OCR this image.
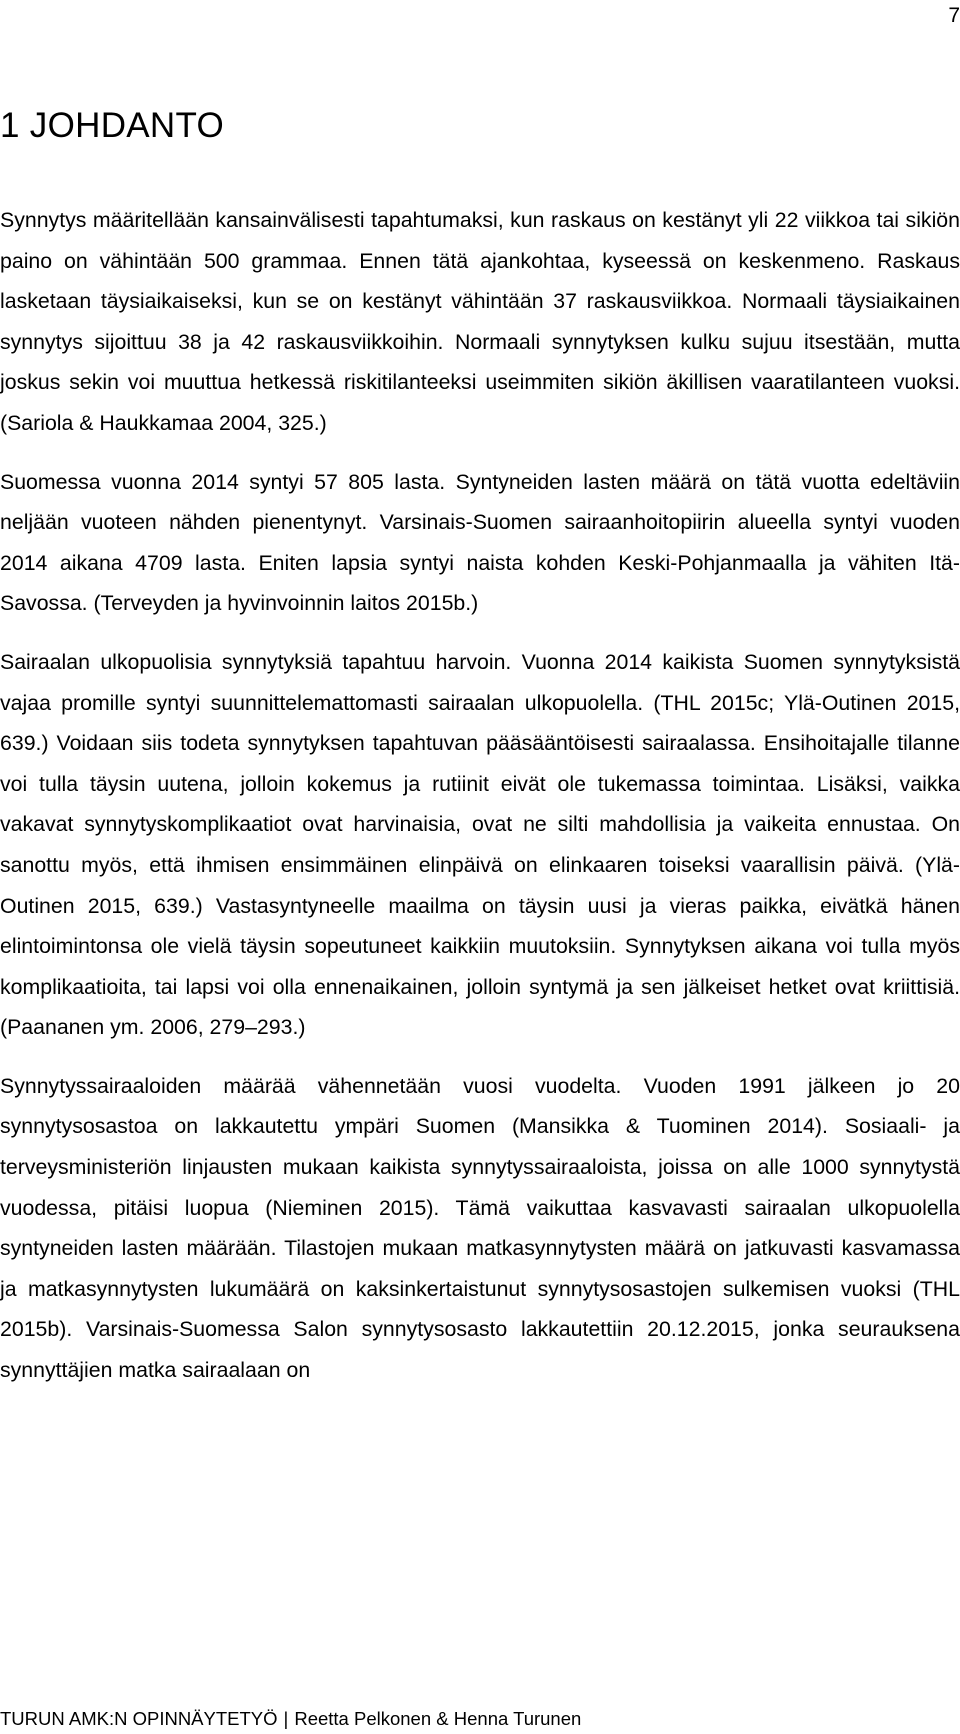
7
1 JOHDANTO

Synnytys määritellään kansainvälisesti tapahtumaksi, kun raskaus on kestänyt yli 22 viikkoa tai sikiön paino on vähintään 500 grammaa. Ennen tätä ajankohtaa, kyseessä on keskenmeno. Raskaus lasketaan täysiaikaiseksi, kun se on kestänyt vähintään 37 raskausviikkoa. Normaali täysiaikainen synnytys sijoittuu 38 ja 42 raskausviikkoihin. Normaali synnytyksen kulku sujuu itsestään, mutta joskus sekin voi muuttua hetkessä riskitilanteeksi useimmiten sikiön äkillisen vaaratilanteen vuoksi. (Sariola & Haukkamaa 2004, 325.)

Suomessa vuonna 2014 syntyi 57 805 lasta. Syntyneiden lasten määrä on tätä vuotta edeltäviin neljään vuoteen nähden pienentynyt. Varsinais-Suomen sairaanhoitopiirin alueella syntyi vuoden 2014 aikana 4709 lasta. Eniten lapsia syntyi naista kohden Keski-Pohjanmaalla ja vähiten Itä-Savossa. (Terveyden ja hyvinvoinnin laitos 2015b.)

Sairaalan ulkopuolisia synnytyksiä tapahtuu harvoin. Vuonna 2014 kaikista Suomen synnytyksistä vajaa promille syntyi suunnittelemattomasti sairaalan ulkopuolella. (THL 2015c; Ylä-Outinen 2015, 639.) Voidaan siis todeta synnytyksen tapahtuvan pääsääntöisesti sairaalassa. Ensihoitajalle tilanne voi tulla täysin uutena, jolloin kokemus ja rutiinit eivät ole tukemassa toimintaa. Lisäksi, vaikka vakavat synnytyskomplikaatiot ovat harvinaisia, ovat ne silti mahdollisia ja vaikeita ennustaa. On sanottu myös, että ihmisen ensimmäinen elinpäivä on elinkaaren toiseksi vaarallisin päivä. (Ylä-Outinen 2015, 639.) Vastasyntyneelle maailma on täysin uusi ja vieras paikka, eivätkä hänen elintoimintonsa ole vielä täysin sopeutuneet kaikkiin muutoksiin. Synnytyksen aikana voi tulla myös komplikaatioita, tai lapsi voi olla ennenaikainen, jolloin syntymä ja sen jälkeiset hetket ovat kriittisiä. (Paananen ym. 2006, 279–293.)

Synnytyssairaaloiden määrää vähennetään vuosi vuodelta. Vuoden 1991 jälkeen jo 20 synnytysosastoa on lakkautettu ympäri Suomen (Mansikka & Tuominen 2014). Sosiaali- ja terveysministeriön linjausten mukaan kaikista synnytyssairaaloista, joissa on alle 1000 synnytystä vuodessa, pitäisi luopua (Nieminen 2015). Tämä vaikuttaa kasvavasti sairaalan ulkopuolella syntyneiden lasten määrään. Tilastojen mukaan matkasynnytysten määrä on jatkuvasti kasvamassa ja matkasynnytysten lukumäärä on kaksinkertaistunut synnytysosastojen sulkemisen vuoksi (THL 2015b). Varsinais-Suomessa Salon synnytysosasto lakkautettiin 20.12.2015, jonka seurauksena synnyttäjien matka sairaalaan on

TURUN AMK:N OPINNÄYTETYÖ | Reetta Pelkonen & Henna Turunen
